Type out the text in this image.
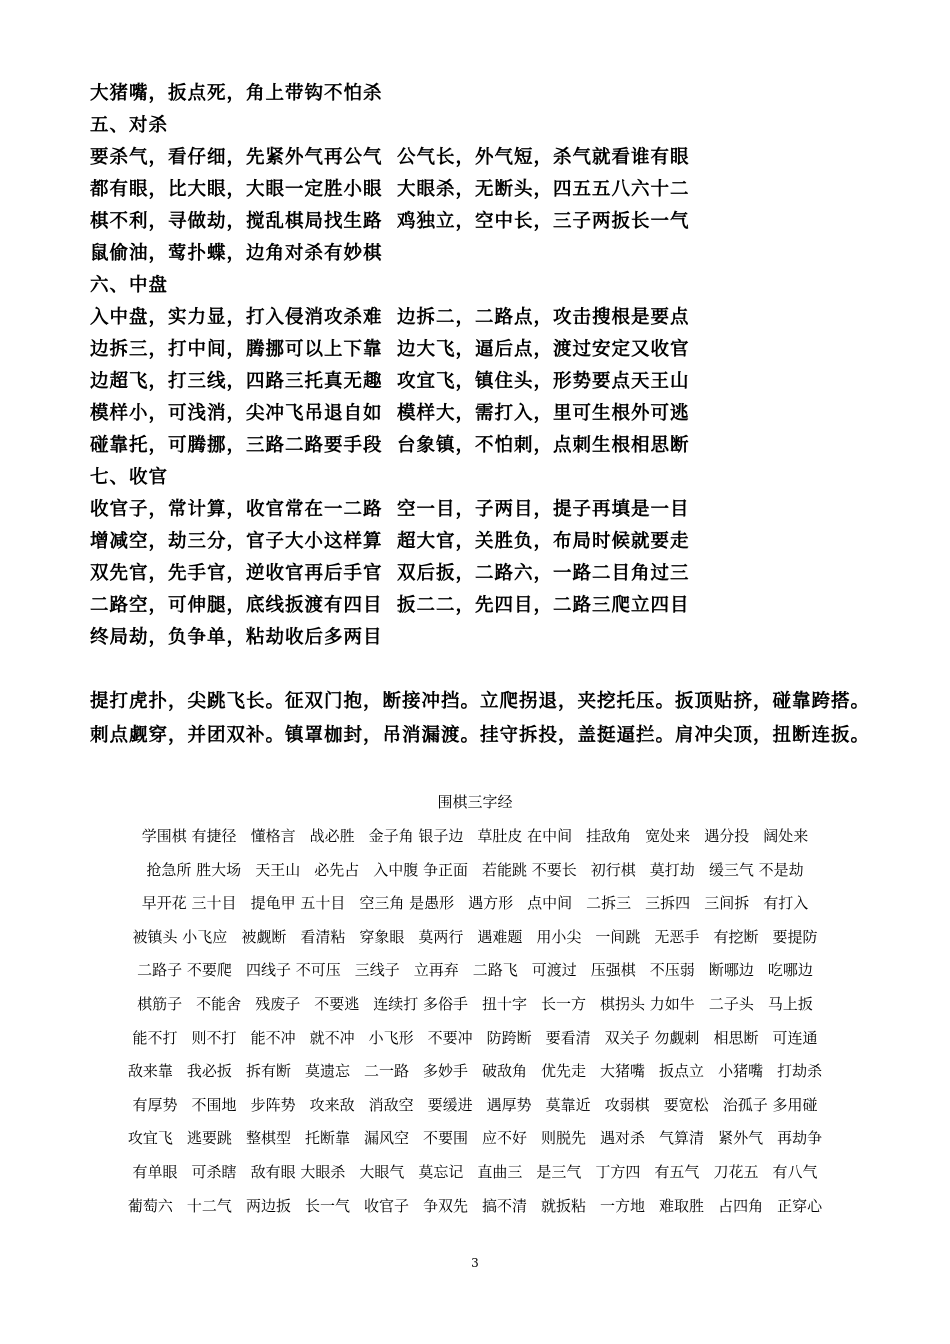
大猪嘴，扳点死，角上带钩不怕杀
五、对杀
要杀气，看仔细，先紧外气再公气 公气长，外气短，杀气就看谁有眼
都有眼，比大眼，大眼一定胜小眼 大眼杀，无断头，四五五八六十二
棋不利，寻做劫，搅乱棋局找生路 鸡独立，空中长，三子两扳长一气
鼠偷油，莺扑蝶，边角对杀有妙棋
六、中盘
入中盘，实力显，打入侵消攻杀难 边拆二，二路点，攻击搜根是要点
边拆三，打中间，腾挪可以上下靠 边大飞，逼后点，渡过安定又收官
边超飞，打三线，四路三托真无趣 攻宜飞，镇住头，形势要点天王山
模样小，可浅消，尖冲飞吊退自如 模样大，需打入，里可生根外可逃
碰靠托，可腾挪，三路二路要手段 台象镇，不怕刺，点刺生根相思断
七、收官
收官子，常计算，收官常在一二路 空一目，子两目，提子再填是一目
增减空，劫三分，官子大小这样算 超大官，关胜负，布局时候就要走
双先官，先手官，逆收官再后手官 双后扳，二路六，一路二目角过三
二路空，可伸腿，底线扳渡有四目 扳二二，先四目，二路三爬立四目
终局劫，负争单，粘劫收后多两目
提打虎扑，尖跳飞长。征双门抱，断接冲挡。立爬拐退，夹挖托压。扳顶贴挤，碰靠跨搭。
刺点觑穿，并团双补。镇罩枷封，吊消漏渡。挂守拆投，盖挺逼拦。肩冲尖顶，扭断连扳。
围棋三字经
学围棋 有捷径 懂格言 战必胜 金子角 银子边 草肚皮 在中间 挂敌角 宽处来 遇分投 阔处来
抢急所 胜大场 天王山 必先占 入中腹 争正面 若能跳 不要长 初行棋 莫打劫 缓三气 不是劫
早开花 三十目 提龟甲 五十目 空三角 是愚形 遇方形 点中间 二拆三 三拆四 三间拆 有打入
被镇头 小飞应 被觑断 看清粘 穿象眼 莫两行 遇难题 用小尖 一间跳 无恶手 有挖断 要提防
二路子 不要爬 四线子 不可压 三线子 立再弃 二路飞 可渡过 压强棋 不压弱 断哪边 吃哪边
棋筋子 不能舍 残废子 不要逃 连续打 多俗手 扭十字 长一方 棋拐头 力如牛 二子头 马上扳
能不打 则不打 能不冲 就不冲 小飞形 不要冲 防跨断 要看清 双关子 勿觑刺 相思断 可连通
敌来靠 我必扳 拆有断 莫遗忘 二一路 多妙手 破敌角 优先走 大猪嘴 扳点立 小猪嘴 打劫杀
有厚势 不围地 步阵势 攻来敌 消敌空 要缓进 遇厚势 莫靠近 攻弱棋 要宽松 治孤子 多用碰
攻宜飞 逃要跳 整棋型 托断靠 漏风空 不要围 应不好 则脱先 遇对杀 气算清 紧外气 再劫争
有单眼 可杀瞎 敌有眼 大眼杀 大眼气 莫忘记 直曲三 是三气 丁方四 有五气 刀花五 有八气
葡萄六 十二气 两边扳 长一气 收官子 争双先 搞不清 就扳粘 一方地 难取胜 占四角 正穿心
3
